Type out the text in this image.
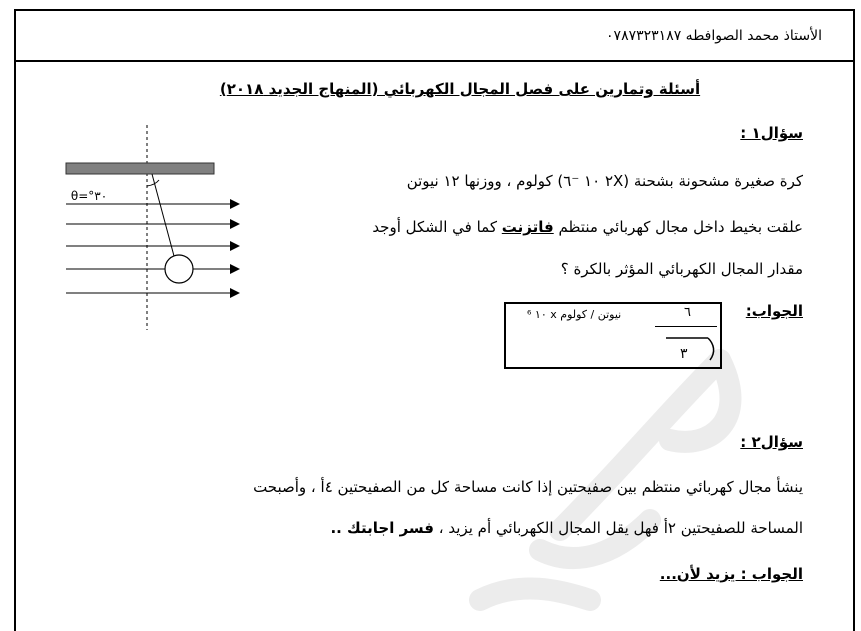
الأستاذ محمد الصوافطه ٠٧٨٧٣٢٣١٨٧
أسئلة وتمارين على فصل المجال الكهربائي (المنهاج الجديد ٢٠١٨)
سؤال١ :
كرة صغيرة مشحونة بشحنة (٢X ١٠ ⁻٦) كولوم ، ووزنها ١٢ نيوتن
علقت بخيط داخل مجال كهربائي منتظم فاتزنت كما في الشكل أوجد
مقدار المجال الكهربائي المؤثر بالكرة ؟
الجواب:
٦
نيوتن / كولوم x ١٠ ⁶
٣
٣٠°=θ
سؤال٢ :
ينشأ مجال كهربائي منتظم بين صفيحتين إذا كانت مساحة كل من الصفيحتين ٤أ ، وأصبحت
المساحة للصفيحتين ٢أ فهل يقل المجال الكهربائي أم يزيد ، فسر اجابتك ..
الجواب : يزيد لأن...
